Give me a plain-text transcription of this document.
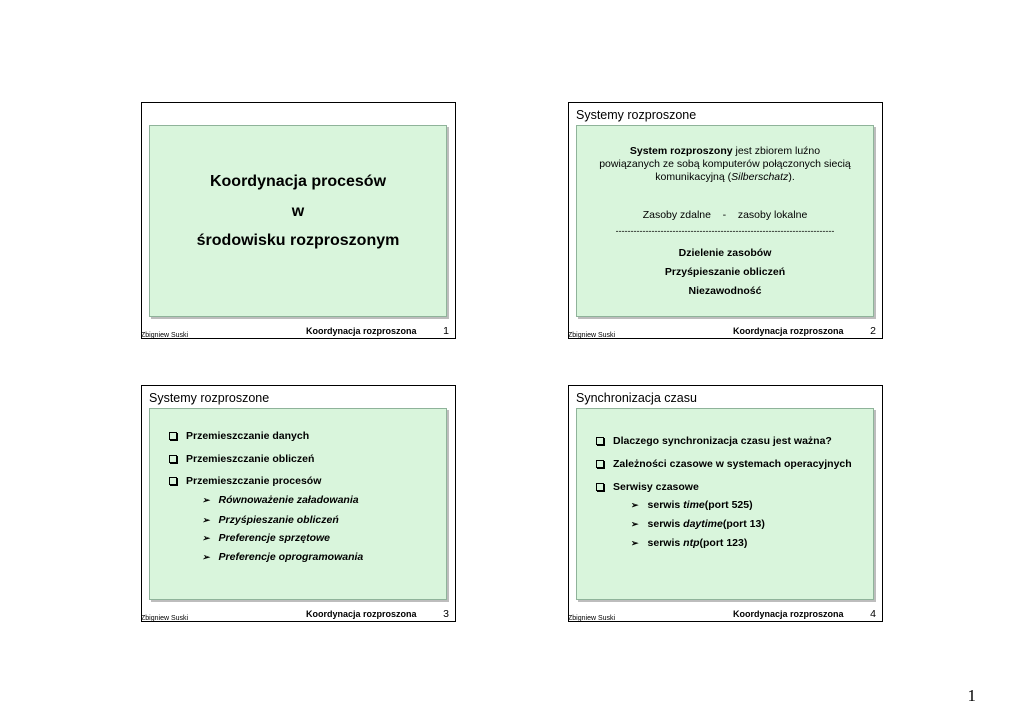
Koordynacja procesów
w
środowisku rozproszonym
Zbigniew Suski	Koordynacja rozproszona	1
Systemy rozproszone
System rozproszony jest zbiorem luźno
powiązanych ze sobą komputerów połączonych siecią
komunikacyjną (Silberschatz).
Zasoby zdalne - zasoby lokalne
-------------------------------------------------------------------------
Dzielenie zasobów
Przyśpieszanie obliczeń
Niezawodność
Zbigniew Suski	Koordynacja rozproszona	2
Systemy rozproszone
Przemieszczanie danych
Przemieszczanie obliczeń
Przemieszczanie procesów
➢ Równoważenie załadowania
➢ Przyśpieszanie obliczeń
➢ Preferencje sprzętowe
➢ Preferencje oprogramowania
Zbigniew Suski	Koordynacja rozproszona	3
Synchronizacja czasu
Dlaczego synchronizacja czasu jest ważna?
Zależności czasowe w systemach operacyjnych
Serwisy czasowe
➢ serwis
time (port 525)
➢ serwis
daytime (port 13)
➢ serwis
ntp (port 123)
Zbigniew Suski	Koordynacja rozproszona	4
1
